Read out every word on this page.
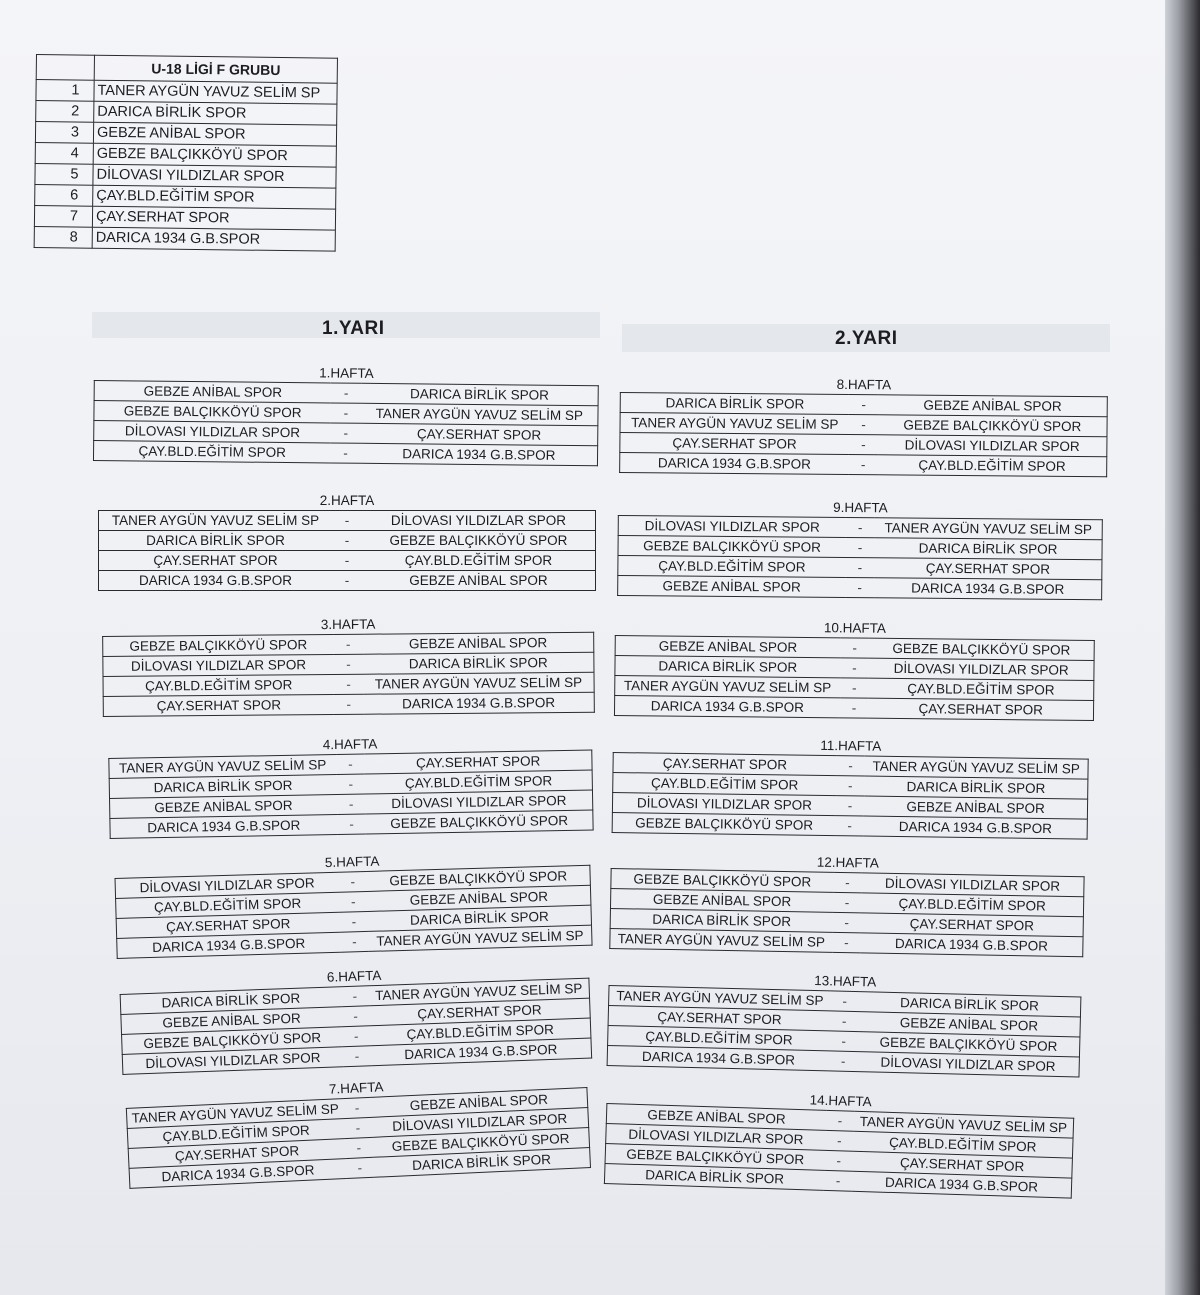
	U-18 LİGİ F GRUBU
1	TANER AYGÜN YAVUZ SELİM SP
2	DARICA BİRLİK SPOR
3	GEBZE ANİBAL SPOR
4	GEBZE BALÇIKKÖYÜ SPOR
5	DİLOVASI YILDIZLAR SPOR
6	ÇAY.BLD.EĞİTİM SPOR
7	ÇAY.SERHAT SPOR
8	DARICA 1934 G.B.SPOR
1.YARI	2.YARI
1.HAFTA
GEBZE ANİBAL SPOR	-	DARICA BİRLİK SPOR
GEBZE BALÇIKKÖYÜ SPOR	-	TANER AYGÜN YAVUZ SELİM SP
DİLOVASI YILDIZLAR SPOR	-	ÇAY.SERHAT SPOR
ÇAY.BLD.EĞİTİM SPOR	-	DARICA 1934 G.B.SPOR
2.HAFTA
TANER AYGÜN YAVUZ SELİM SP	-	DİLOVASI YILDIZLAR SPOR
DARICA BİRLİK SPOR	-	GEBZE BALÇIKKÖYÜ SPOR
ÇAY.SERHAT SPOR	-	ÇAY.BLD.EĞİTİM SPOR
DARICA 1934 G.B.SPOR	-	GEBZE ANİBAL SPOR
3.HAFTA
GEBZE BALÇIKKÖYÜ SPOR	-	GEBZE ANİBAL SPOR
DİLOVASI YILDIZLAR SPOR	-	DARICA BİRLİK SPOR
ÇAY.BLD.EĞİTİM SPOR	-	TANER AYGÜN YAVUZ SELİM SP
ÇAY.SERHAT SPOR	-	DARICA 1934 G.B.SPOR
4.HAFTA
TANER AYGÜN YAVUZ SELİM SP	-	ÇAY.SERHAT SPOR
DARICA BİRLİK SPOR	-	ÇAY.BLD.EĞİTİM SPOR
GEBZE ANİBAL SPOR	-	DİLOVASI YILDIZLAR SPOR
DARICA 1934 G.B.SPOR	-	GEBZE BALÇIKKÖYÜ SPOR
5.HAFTA
DİLOVASI YILDIZLAR SPOR	-	GEBZE BALÇIKKÖYÜ SPOR
ÇAY.BLD.EĞİTİM SPOR	-	GEBZE ANİBAL SPOR
ÇAY.SERHAT SPOR	-	DARICA BİRLİK SPOR
DARICA 1934 G.B.SPOR	-	TANER AYGÜN YAVUZ SELİM SP
6.HAFTA
DARICA BİRLİK SPOR	-	TANER AYGÜN YAVUZ SELİM SP
GEBZE ANİBAL SPOR	-	ÇAY.SERHAT SPOR
GEBZE BALÇIKKÖYÜ SPOR	-	ÇAY.BLD.EĞİTİM SPOR
DİLOVASI YILDIZLAR SPOR	-	DARICA 1934 G.B.SPOR
7.HAFTA
TANER AYGÜN YAVUZ SELİM SP	-	GEBZE ANİBAL SPOR
ÇAY.BLD.EĞİTİM SPOR	-	DİLOVASI YILDIZLAR SPOR
ÇAY.SERHAT SPOR	-	GEBZE BALÇIKKÖYÜ SPOR
DARICA 1934 G.B.SPOR	-	DARICA BİRLİK SPOR
8.HAFTA
DARICA BİRLİK SPOR	-	GEBZE ANİBAL SPOR
TANER AYGÜN YAVUZ SELİM SP	-	GEBZE BALÇIKKÖYÜ SPOR
ÇAY.SERHAT SPOR	-	DİLOVASI YILDIZLAR SPOR
DARICA 1934 G.B.SPOR	-	ÇAY.BLD.EĞİTİM SPOR
9.HAFTA
DİLOVASI YILDIZLAR SPOR	-	TANER AYGÜN YAVUZ SELİM SP
GEBZE BALÇIKKÖYÜ SPOR	-	DARICA BİRLİK SPOR
ÇAY.BLD.EĞİTİM SPOR	-	ÇAY.SERHAT SPOR
GEBZE ANİBAL SPOR	-	DARICA 1934 G.B.SPOR
10.HAFTA
GEBZE ANİBAL SPOR	-	GEBZE BALÇIKKÖYÜ SPOR
DARICA BİRLİK SPOR	-	DİLOVASI YILDIZLAR SPOR
TANER AYGÜN YAVUZ SELİM SP	-	ÇAY.BLD.EĞİTİM SPOR
DARICA 1934 G.B.SPOR	-	ÇAY.SERHAT SPOR
11.HAFTA
ÇAY.SERHAT SPOR	-	TANER AYGÜN YAVUZ SELİM SP
ÇAY.BLD.EĞİTİM SPOR	-	DARICA BİRLİK SPOR
DİLOVASI YILDIZLAR SPOR	-	GEBZE ANİBAL SPOR
GEBZE BALÇIKKÖYÜ SPOR	-	DARICA 1934 G.B.SPOR
12.HAFTA
GEBZE BALÇIKKÖYÜ SPOR	-	DİLOVASI YILDIZLAR SPOR
GEBZE ANİBAL SPOR	-	ÇAY.BLD.EĞİTİM SPOR
DARICA BİRLİK SPOR	-	ÇAY.SERHAT SPOR
TANER AYGÜN YAVUZ SELİM SP	-	DARICA 1934 G.B.SPOR
13.HAFTA
TANER AYGÜN YAVUZ SELİM SP	-	DARICA BİRLİK SPOR
ÇAY.SERHAT SPOR	-	GEBZE ANİBAL SPOR
ÇAY.BLD.EĞİTİM SPOR	-	GEBZE BALÇIKKÖYÜ SPOR
DARICA 1934 G.B.SPOR	-	DİLOVASI YILDIZLAR SPOR
14.HAFTA
GEBZE ANİBAL SPOR	-	TANER AYGÜN YAVUZ SELİM SP
DİLOVASI YILDIZLAR SPOR	-	ÇAY.BLD.EĞİTİM SPOR
GEBZE BALÇIKKÖYÜ SPOR	-	ÇAY.SERHAT SPOR
DARICA BİRLİK SPOR	-	DARICA 1934 G.B.SPOR
